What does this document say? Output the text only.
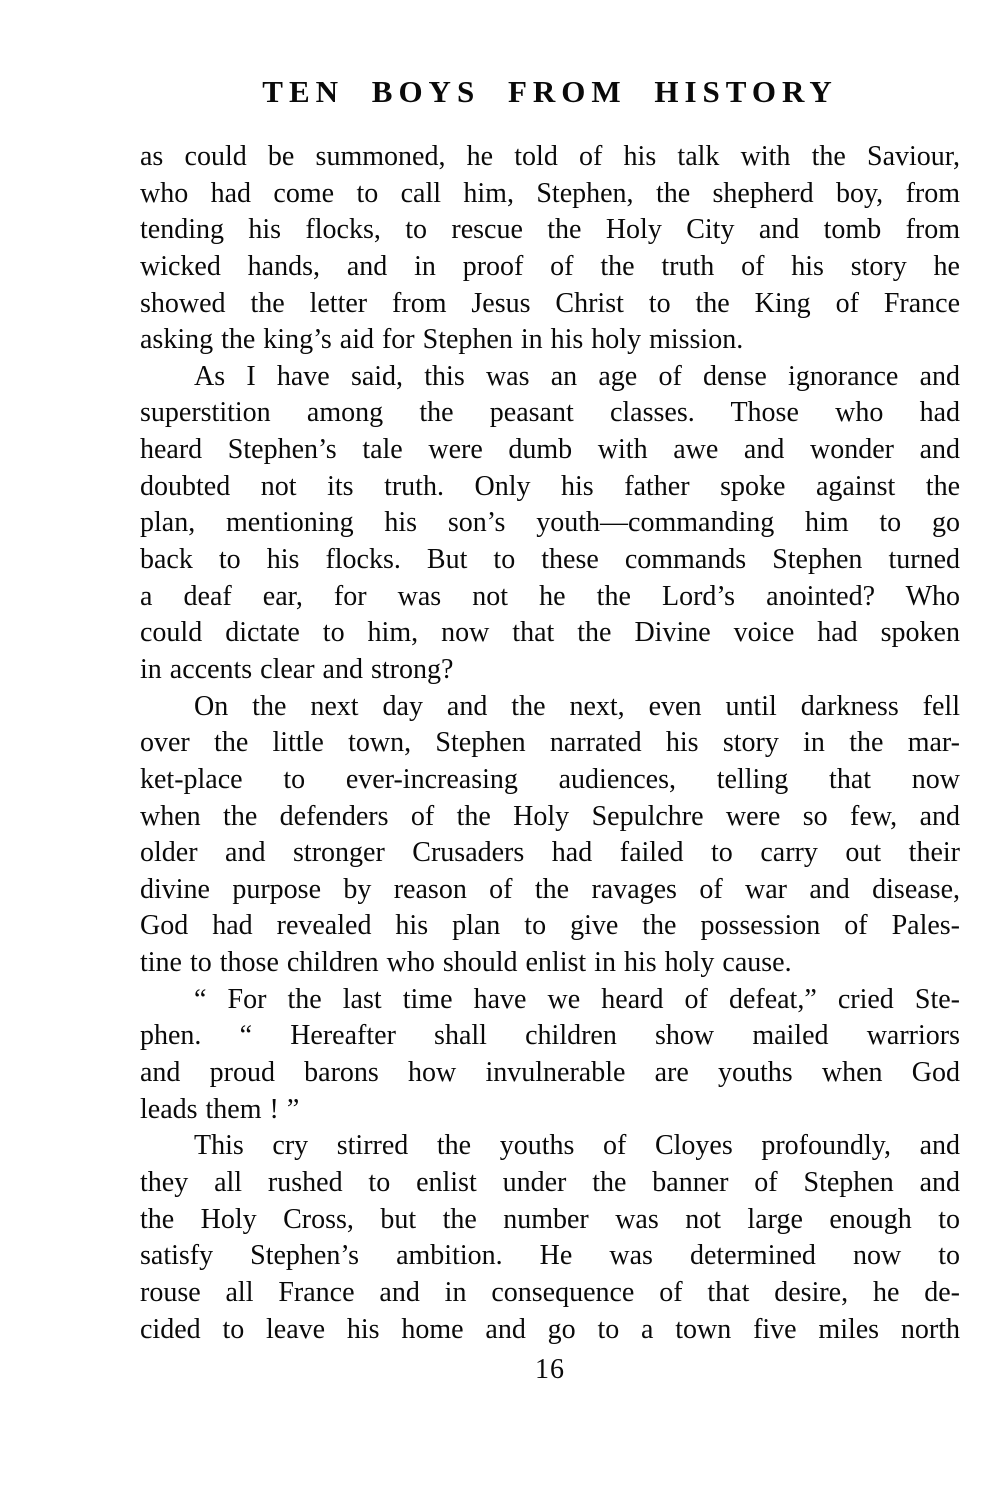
TEN BOYS FROM HISTORY
as could be summoned, he told of his talk with the Saviour,
who had come to call him, Stephen, the shepherd boy, from
tending his flocks, to rescue the Holy City and tomb from
wicked hands, and in proof of the truth of his story he
showed the letter from Jesus Christ to the King of France
asking the king’s aid for Stephen in his holy mission.
As I have said, this was an age of dense ignorance and
superstition among the peasant classes. Those who had
heard Stephen’s tale were dumb with awe and wonder and
doubted not its truth. Only his father spoke against the
plan, mentioning his son’s youth—commanding him to go
back to his flocks. But to these commands Stephen turned
a deaf ear, for was not he the Lord’s anointed? Who
could dictate to him, now that the Divine voice had spoken
in accents clear and strong?
On the next day and the next, even until darkness fell
over the little town, Stephen narrated his story in the mar-
ket-place to ever-increasing audiences, telling that now
when the defenders of the Holy Sepulchre were so few, and
older and stronger Crusaders had failed to carry out their
divine purpose by reason of the ravages of war and disease,
God had revealed his plan to give the possession of Pales-
tine to those children who should enlist in his holy cause.
“ For the last time have we heard of defeat,” cried Ste-
phen. “ Hereafter shall children show mailed warriors
and proud barons how invulnerable are youths when God
leads them ! ”
This cry stirred the youths of Cloyes profoundly, and
they all rushed to enlist under the banner of Stephen and
the Holy Cross, but the number was not large enough to
satisfy Stephen’s ambition. He was determined now to
rouse all France and in consequence of that desire, he de-
cided to leave his home and go to a town five miles north
16
